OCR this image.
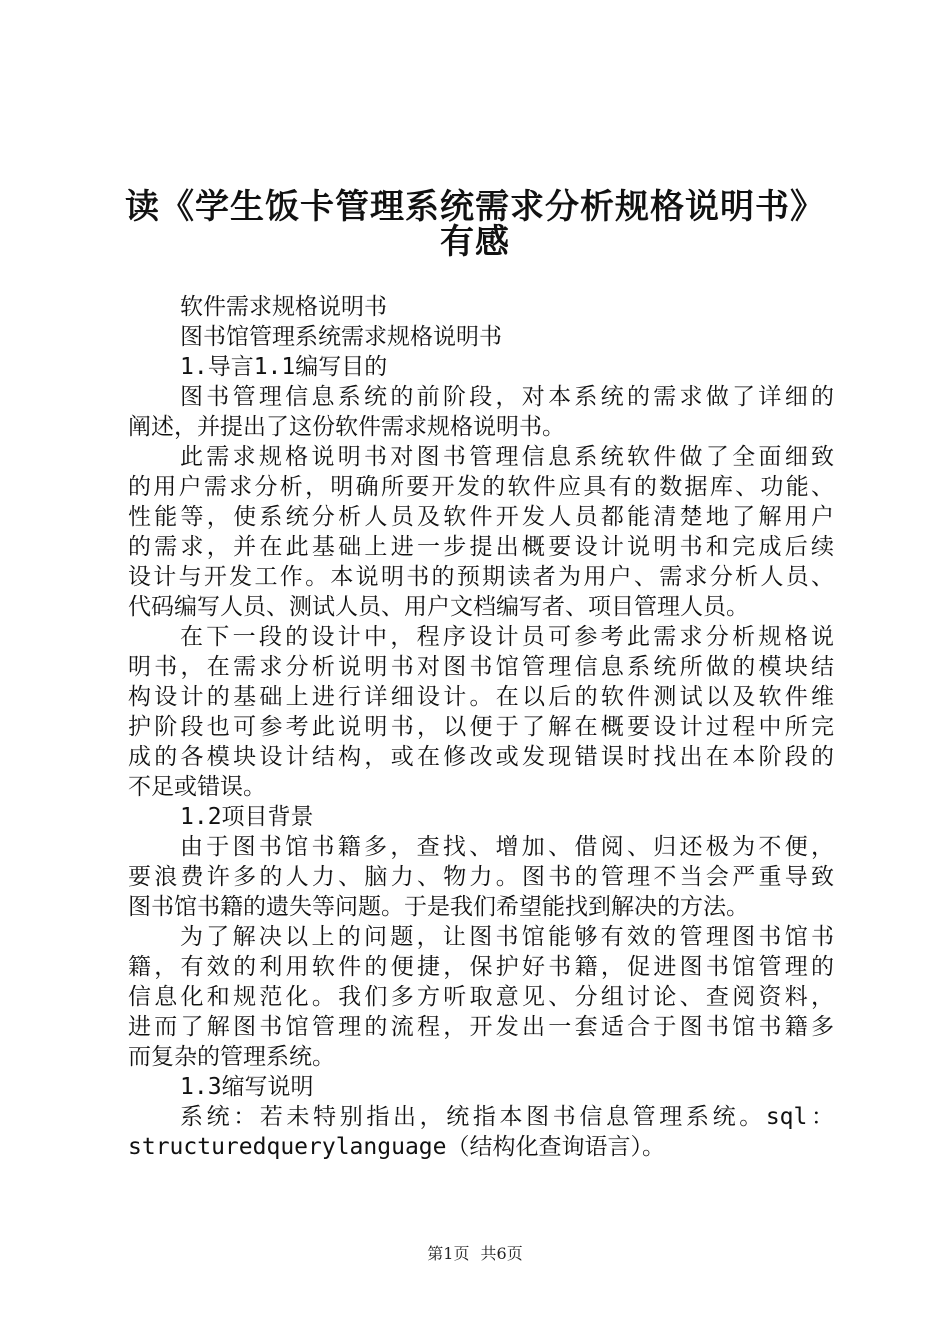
读《学生饭卡管理系统需求分析规格说明书》
有感
软件需求规格说明书
图书馆管理系统需求规格说明书
1.导言1.1编写目的
图书管理信息系统的前阶段，对本系统的需求做了详细的
阐述，并提出了这份软件需求规格说明书。
此需求规格说明书对图书管理信息系统软件做了全面细致
的用户需求分析，明确所要开发的软件应具有的数据库、功能、
性能等，使系统分析人员及软件开发人员都能清楚地了解用户
的需求，并在此基础上进一步提出概要设计说明书和完成后续
设计与开发工作。本说明书的预期读者为用户、需求分析人员、
代码编写人员、测试人员、用户文档编写者、项目管理人员。
在下一段的设计中，程序设计员可参考此需求分析规格说
明书，在需求分析说明书对图书馆管理信息系统所做的模块结
构设计的基础上进行详细设计。在以后的软件测试以及软件维
护阶段也可参考此说明书，以便于了解在概要设计过程中所完
成的各模块设计结构，或在修改或发现错误时找出在本阶段的
不足或错误。
1.2项目背景
由于图书馆书籍多，查找、增加、借阅、归还极为不便，
要浪费许多的人力、脑力、物力。图书的管理不当会严重导致
图书馆书籍的遗失等问题。于是我们希望能找到解决的方法。
为了解决以上的问题，让图书馆能够有效的管理图书馆书
籍，有效的利用软件的便捷，保护好书籍，促进图书馆管理的
信息化和规范化。我们多方听取意见、分组讨论、查阅资料，
进而了解图书馆管理的流程，开发出一套适合于图书馆书籍多
而复杂的管理系统。
1.3缩写说明
系统：若未特别指出，统指本图书信息管理系统。sql：
structuredquerylanguage（结构化查询语言）。
第1页 共6页
